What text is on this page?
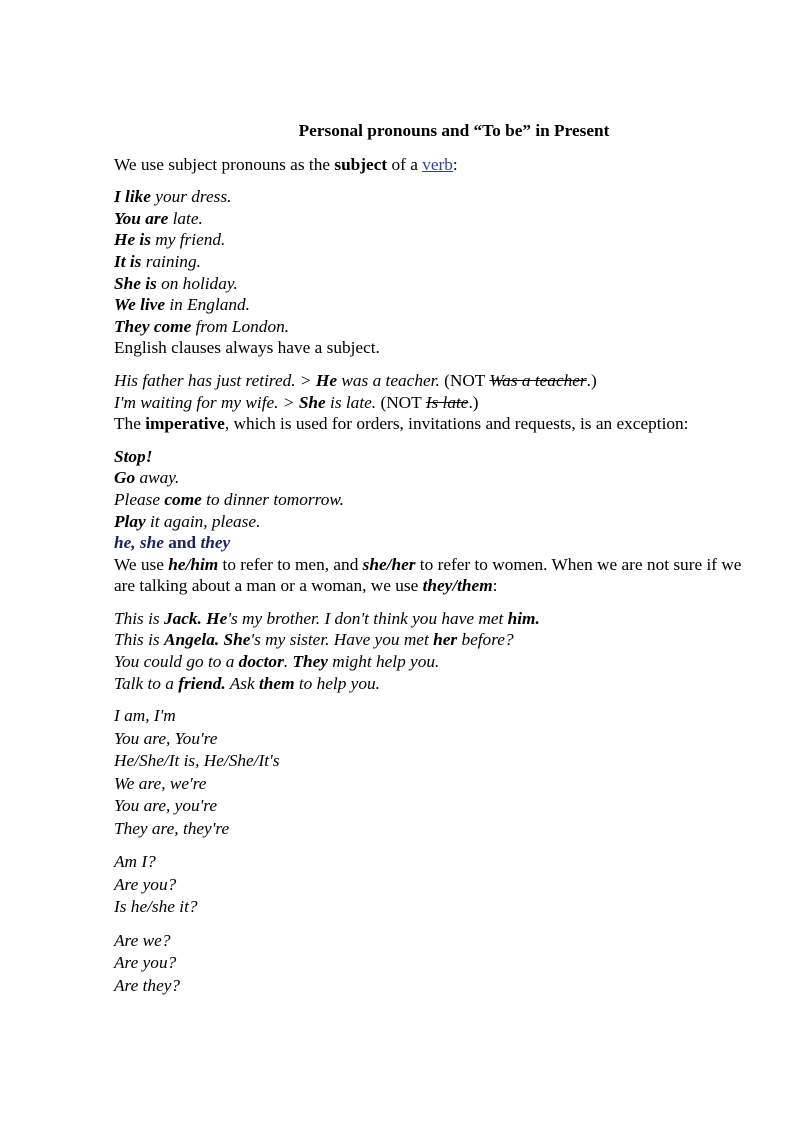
Personal pronouns and “To be” in Present

We use subject pronouns as the subject of a verb:

I like your dress.
You are late.
He is my friend.
It is raining.
She is on holiday.
We live in England.
They come from London.
English clauses always have a subject.
His father has just retired. > He was a teacher. (NOT Was a teacher.)
I'm waiting for my wife. > She is late. (NOT Is late.)
The imperative, which is used for orders, invitations and requests, is an exception:
Stop!
Go away.
Please come to dinner tomorrow.
Play it again, please.
he, she and they
We use he/him to refer to men, and she/her to refer to women. When we are not sure if we are talking about a man or a woman, we use they/them:
This is Jack. He's my brother. I don't think you have met him.
This is Angela. She's my sister. Have you met her before?
You could go to a doctor. They might help you.
Talk to a friend. Ask them to help you.
I am, I'm
You are, You're
He/She/It is, He/She/It's
We are, we're
You are, you're
They are, they're
Am I?
Are you?
Is he/she it?
Are we?
Are you?
Are they?
